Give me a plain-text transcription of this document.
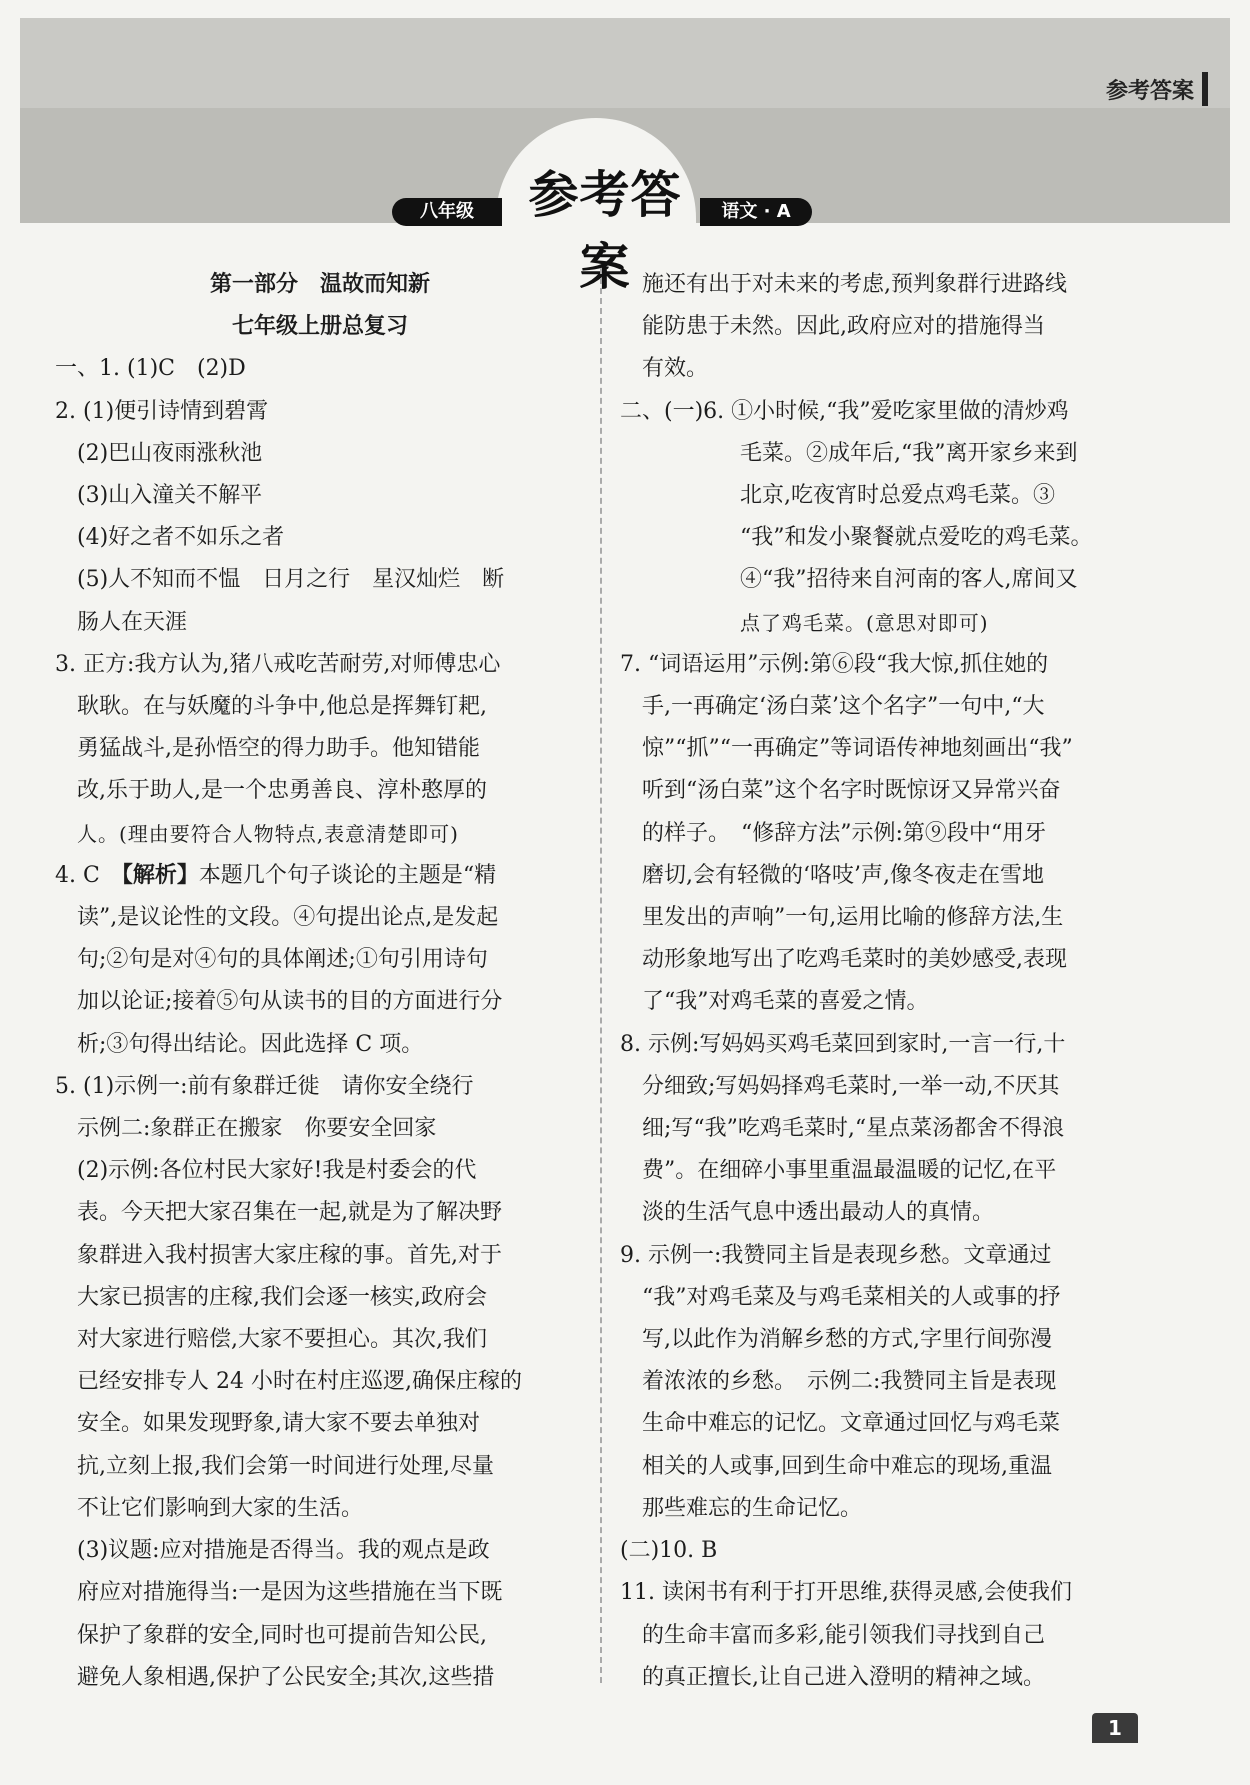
参考答案
参考答案
八年级	语文 · A
第一部分　温故而知新
七年级上册总复习
一、1. (1)C　(2)D
2. (1)便引诗情到碧霄
(2)巴山夜雨涨秋池
(3)山入潼关不解平
(4)好之者不如乐之者
(5)人不知而不愠　日月之行　星汉灿烂　断
肠人在天涯
3. 正方:我方认为,猪八戒吃苦耐劳,对师傅忠心
耿耿。在与妖魔的斗争中,他总是挥舞钉耙,
勇猛战斗,是孙悟空的得力助手。他知错能
改,乐于助人,是一个忠勇善良、淳朴憨厚的
人。(理由要符合人物特点,表意清楚即可)
4. C　【解析】本题几个句子谈论的主题是“精
读”,是议论性的文段。④句提出论点,是发起
句;②句是对④句的具体阐述;①句引用诗句
加以论证;接着⑤句从读书的目的方面进行分
析;③句得出结论。因此选择 C 项。
5. (1)示例一:前有象群迁徙　请你安全绕行
示例二:象群正在搬家　你要安全回家
(2)示例:各位村民大家好!我是村委会的代
表。今天把大家召集在一起,就是为了解决野
象群进入我村损害大家庄稼的事。首先,对于
大家已损害的庄稼,我们会逐一核实,政府会
对大家进行赔偿,大家不要担心。其次,我们
已经安排专人 24 小时在村庄巡逻,确保庄稼的
安全。如果发现野象,请大家不要去单独对
抗,立刻上报,我们会第一时间进行处理,尽量
不让它们影响到大家的生活。
(3)议题:应对措施是否得当。我的观点是政
府应对措施得当:一是因为这些措施在当下既
保护了象群的安全,同时也可提前告知公民,
避免人象相遇,保护了公民安全;其次,这些措
施还有出于对未来的考虑,预判象群行进路线
能防患于未然。因此,政府应对的措施得当
有效。
二、(一)6. ①小时候,“我”爱吃家里做的清炒鸡
毛菜。②成年后,“我”离开家乡来到
北京,吃夜宵时总爱点鸡毛菜。③
“我”和发小聚餐就点爱吃的鸡毛菜。
④“我”招待来自河南的客人,席间又
点了鸡毛菜。(意思对即可)
7. “词语运用”示例:第⑥段“我大惊,抓住她的
手,一再确定‘汤白菜’这个名字”一句中,“大
惊”“抓”“一再确定”等词语传神地刻画出“我”
听到“汤白菜”这个名字时既惊讶又异常兴奋
的样子。　“修辞方法”示例:第⑨段中“用牙
磨切,会有轻微的‘咯吱’声,像冬夜走在雪地
里发出的声响”一句,运用比喻的修辞方法,生
动形象地写出了吃鸡毛菜时的美妙感受,表现
了“我”对鸡毛菜的喜爱之情。
8. 示例:写妈妈买鸡毛菜回到家时,一言一行,十
分细致;写妈妈择鸡毛菜时,一举一动,不厌其
细;写“我”吃鸡毛菜时,“星点菜汤都舍不得浪
费”。在细碎小事里重温最温暖的记忆,在平
淡的生活气息中透出最动人的真情。
9. 示例一:我赞同主旨是表现乡愁。文章通过
“我”对鸡毛菜及与鸡毛菜相关的人或事的抒
写,以此作为消解乡愁的方式,字里行间弥漫
着浓浓的乡愁。　示例二:我赞同主旨是表现
生命中难忘的记忆。文章通过回忆与鸡毛菜
相关的人或事,回到生命中难忘的现场,重温
那些难忘的生命记忆。
(二)10. B
11. 读闲书有利于打开思维,获得灵感,会使我们
的生命丰富而多彩,能引领我们寻找到自己
的真正擅长,让自己进入澄明的精神之域。
1
